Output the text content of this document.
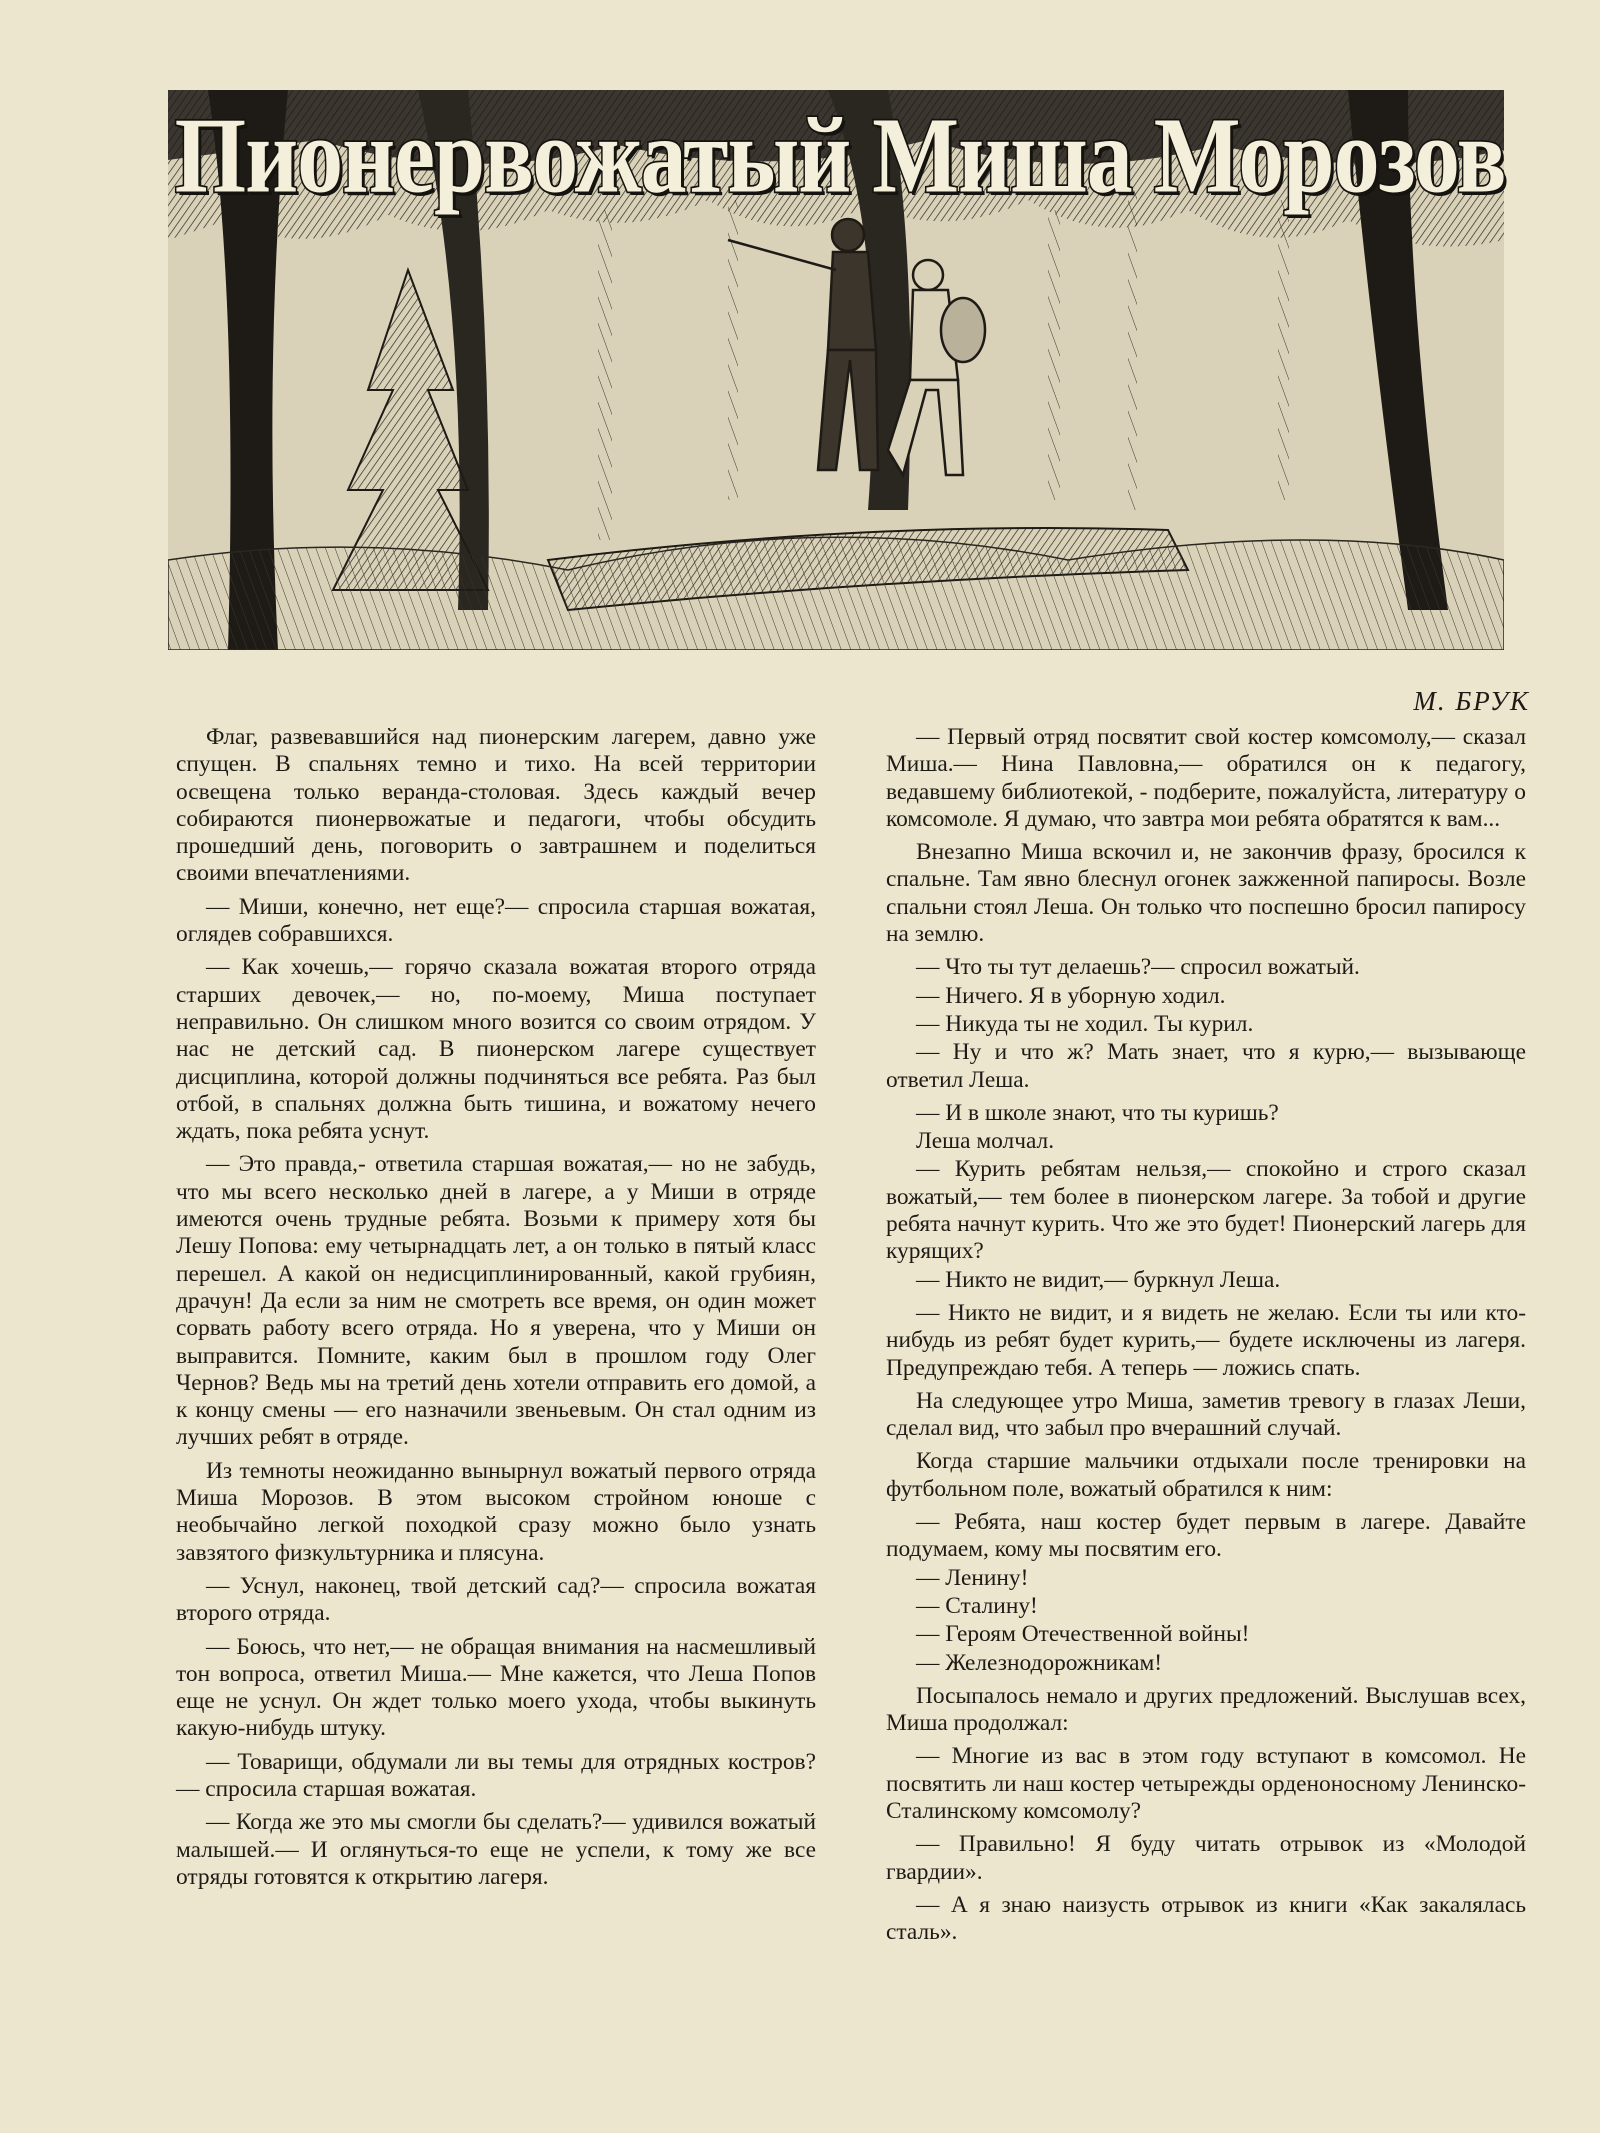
Пионервожатый Миша Морозов
М. БРУК

Флаг, развевавшийся над пионерским лагерем, давно уже спущен. В спальнях темно и тихо. На всей территории освещена только веранда-столовая. Здесь каждый вечер собираются пионервожатые и педагоги, чтобы обсудить прошедший день, поговорить о завтрашнем и поделиться своими впечатлениями.

— Миши, конечно, нет еще?— спросила старшая вожатая, оглядев собравшихся.

— Как хочешь,— горячо сказала вожатая второго отряда старших девочек,— но, по-моему, Миша поступает неправильно. Он слишком много возится со своим отрядом. У нас не детский сад. В пионерском лагере существует дисциплина, которой должны подчиняться все ребята. Раз был отбой, в спальнях должна быть тишина, и вожатому нечего ждать, пока ребята уснут.

— Это правда,- ответила старшая вожатая,— но не забудь, что мы всего несколько дней в лагере, а у Миши в отряде имеются очень трудные ребята. Возьми к примеру хотя бы Лешу Попова: ему четырнадцать лет, а он только в пятый класс перешел. А какой он недисциплинированный, какой грубиян, драчун! Да если за ним не смотреть все время, он один может сорвать работу всего отряда. Но я уверена, что у Миши он выправится. Помните, каким был в прошлом году Олег Чернов? Ведь мы на третий день хотели отправить его домой, а к концу смены — его назначили звеньевым. Он стал одним из лучших ребят в отряде.

Из темноты неожиданно вынырнул вожатый первого отряда Миша Морозов. В этом высоком стройном юноше с необычайно легкой походкой сразу можно было узнать завзятого физкультурника и плясуна.

— Уснул, наконец, твой детский сад?— спросила вожатая второго отряда.

— Боюсь, что нет,— не обращая внимания на насмешливый тон вопроса, ответил Миша.— Мне кажется, что Леша Попов еще не уснул. Он ждет только моего ухода, чтобы выкинуть какую-нибудь штуку.

— Товарищи, обдумали ли вы темы для отрядных костров?— спросила старшая вожатая.

— Когда же это мы смогли бы сделать?— удивился вожатый малышей.— И оглянуться-то еще не успели, к тому же все отряды готовятся к открытию лагеря.

— Первый отряд посвятит свой костер комсомолу,— сказал Миша.— Нина Павловна,— обратился он к педагогу, ведавшему библиотекой, - подберите, пожалуйста, литературу о комсомоле. Я думаю, что завтра мои ребята обратятся к вам...

Внезапно Миша вскочил и, не закончив фразу, бросился к спальне. Там явно блеснул огонек зажженной папиросы. Возле спальни стоял Леша. Он только что поспешно бросил папиросу на землю.

— Что ты тут делаешь?— спросил вожатый.

— Ничего. Я в уборную ходил.

— Никуда ты не ходил. Ты курил.

— Ну и что ж? Мать знает, что я курю,— вызывающе ответил Леша.

— И в школе знают, что ты куришь?

Леша молчал.

— Курить ребятам нельзя,— спокойно и строго сказал вожатый,— тем более в пионерском лагере. За тобой и другие ребята начнут курить. Что же это будет! Пионерский лагерь для курящих?

— Никто не видит,— буркнул Леша.

— Никто не видит, и я видеть не желаю. Если ты или кто-нибудь из ребят будет курить,— будете исключены из лагеря. Предупреждаю тебя. А теперь — ложись спать.

На следующее утро Миша, заметив тревогу в глазах Леши, сделал вид, что забыл про вчерашний случай.

Когда старшие мальчики отдыхали после тренировки на футбольном поле, вожатый обратился к ним:

— Ребята, наш костер будет первым в лагере. Давайте подумаем, кому мы посвятим его.

— Ленину!

— Сталину!

— Героям Отечественной войны!

— Железнодорожникам!

Посыпалось немало и других предложений. Выслушав всех, Миша продолжал:

— Многие из вас в этом году вступают в комсомол. Не посвятить ли наш костер четырежды орденоносному Ленинско-Сталинскому комсомолу?

— Правильно! Я буду читать отрывок из «Молодой гвардии».

— А я знаю наизусть отрывок из книги «Как закалялась сталь».
